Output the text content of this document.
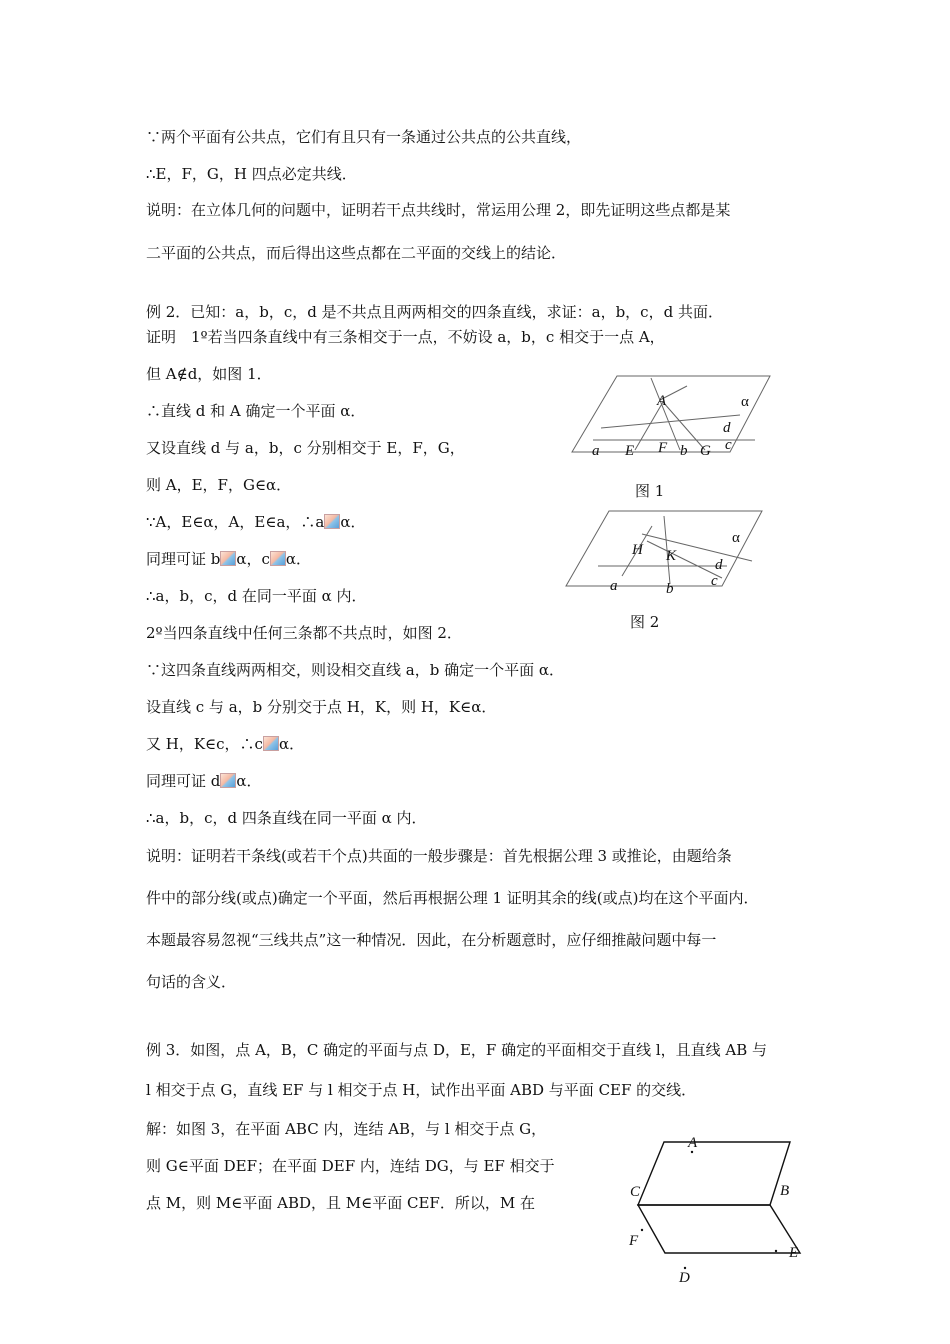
∵两个平面有公共点，它们有且只有一条通过公共点的公共直线，
∴E，F，G，H 四点必定共线．
说明：在立体几何的问题中，证明若干点共线时，常运用公理 2，即先证明这些点都是某
二平面的公共点，而后得出这些点都在二平面的交线上的结论．
例 2．已知：a，b，c，d 是不共点且两两相交的四条直线，求证：a，b，c，d 共面．
证明　1º若当四条直线中有三条相交于一点，不妨设 a，b，c 相交于一点 A，
但 A∉d，如图 1．
∴直线 d 和 A 确定一个平面 α．
又设直线 d 与 a，b，c 分别相交于 E，F，G，
则 A，E，F，G∈α．
∵A，E∈α，A，E∈a，∴a α．
同理可证 b α，c α．
∴a，b，c，d 在同一平面 α 内．
2º当四条直线中任何三条都不共点时，如图 2．
∵这四条直线两两相交，则设相交直线 a，b 确定一个平面 α．
设直线 c 与 a，b 分别交于点 H，K，则 H，K∈α．
又 H，K∈c，∴c α．
同理可证 d α．
∴a，b，c，d 四条直线在同一平面 α 内．
说明：证明若干条线(或若干个点)共面的一般步骤是：首先根据公理 3 或推论，由题给条
件中的部分线(或点)确定一个平面，然后再根据公理 1 证明其余的线(或点)均在这个平面内．
本题最容易忽视“三线共点”这一种情况．因此，在分析题意时，应仔细推敲问题中每一
句话的含义．
例 3．如图，点 A，B，C 确定的平面与点 D，E，F 确定的平面相交于直线 l，且直线 AB 与
l 相交于点 G，直线 EF 与 l 相交于点 H，试作出平面 ABD 与平面 CEF 的交线．
解：如图 3，在平面 ABC 内，连结 AB，与 l 相交于点 G，
则 G∈平面 DEF；在平面 DEF 内，连结 DG，与 EF 相交于
点 M，则 M∈平面 ABD，且 M∈平面 CEF．所以，M 在
A	α
d
c
a E F b G
图 1
α
H K
d
c
a	b
图 2
A
B
C
F
E
D
